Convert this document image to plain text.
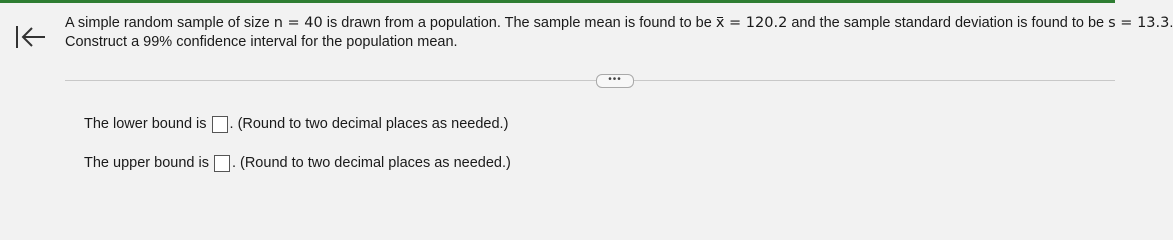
A simple random sample of size n = 40 is drawn from a population. The sample mean is found to be x = 120.2 and the sample standard deviation is found to be s = 13.3.
Construct a 99% confidence interval for the population mean.
•••
The lower bound is . (Round to two decimal places as needed.)
The upper bound is . (Round to two decimal places as needed.)
